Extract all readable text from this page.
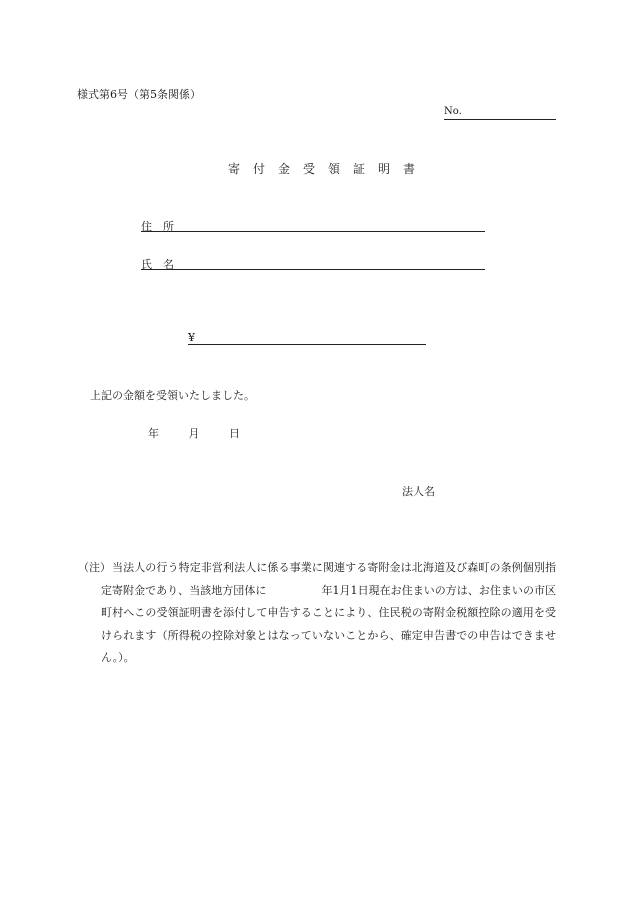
様式第6号（第5条関係）
No.
寄付金受領証明書
住所
氏名
¥
上記の金額を受領いたしました。
年	月	日
法人名
（注） 当法人の行う特定非営利法人に係る事業に関連する寄附金は北海道及び森町の条例個別指定寄附金であり、当該地方団体に　　　　　年1月1日現在お住まいの方は、お住まいの市区町村へこの受領証明書を添付して申告することにより、住民税の寄附金税額控除の適用を受けられます（所得税の控除対象とはなっていないことから、確定申告書での申告はできません。）。
